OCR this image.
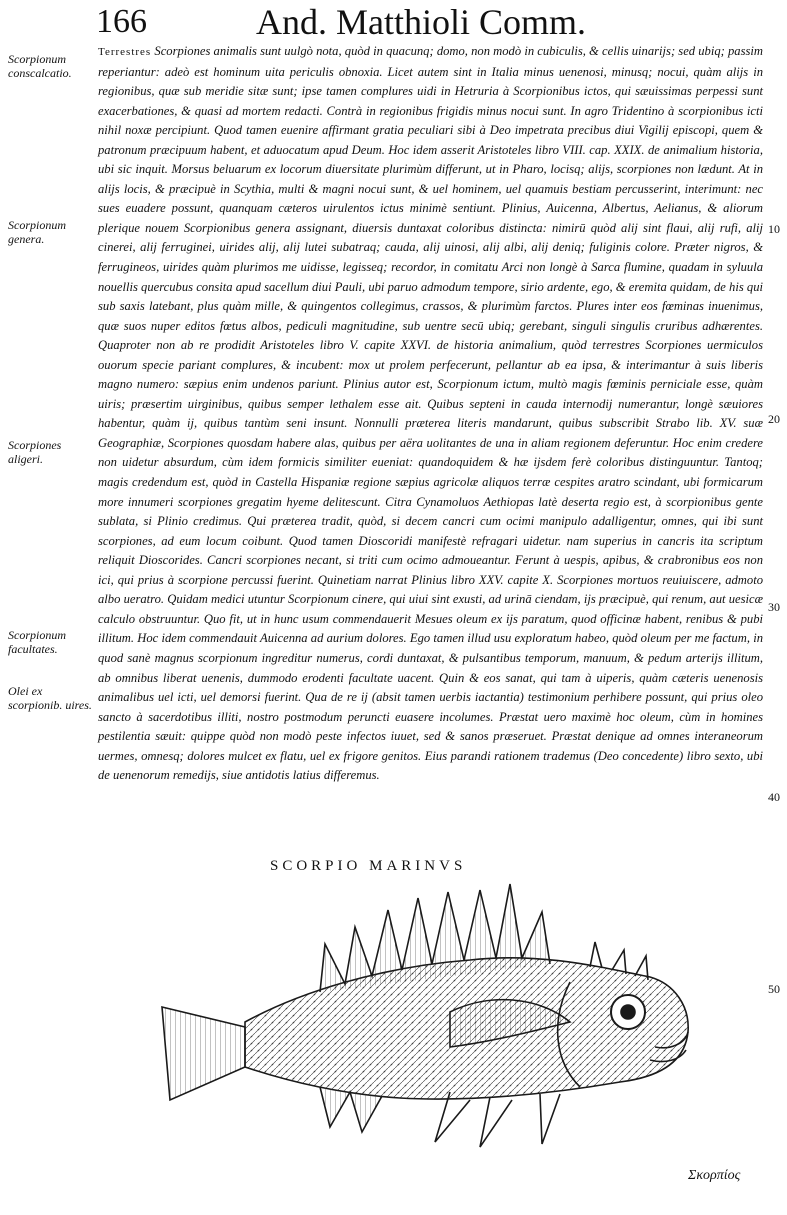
166	And. Matthioli Comm.
Scorpionum conscalcatio.
Scorpionum genera.
Scorpiones aligeri.
Scorpionum facultates.
Olei ex scorpionib. uires.
10
20
30
40
50

Terrestres Scorpiones animalis sunt uulgò nota, quòd in quacunq; domo, non modò in cubiculis, & cellis uinarijs; sed ubiq; passim reperiantur: adeò est hominum uita periculis obnoxia. Licet autem sint in Italia minus uenenosi, minusq; nocui, quàm alijs in regionibus, quæ sub meridie sitæ sunt; ipse tamen complures uidi in Hetruria à Scorpionibus ictos, qui sæuissimas perpessi sunt exacerbationes, & quasi ad mortem redacti. Contrà in regionibus frigidis minus nocui sunt. In agro Tridentino à scorpionibus icti nihil noxæ percipiunt. Quod tamen euenire affirmant gratia peculiari sibi à Deo impetrata precibus diui Vigilij episcopi, quem & patronum præcipuum habent, et aduocatum apud Deum. Hoc idem asserit Aristoteles libro VIII. cap. XXIX. de animalium historia, ubi sic inquit. Morsus beluarum ex locorum diuersitate plurimùm differunt, ut in Pharo, locisq; alijs, scorpiones non lædunt. At in alijs locis, & præcipuè in Scythia, multi & magni nocui sunt, & uel hominem, uel quamuis bestiam percusserint, interimunt: nec sues euadere possunt, quanquam cæteros uirulentos ictus minimè sentiunt. Plinius, Auicenna, Albertus, Aelianus, & aliorum plerique nouem Scorpionibus genera assignant, diuersis duntaxat coloribus distincta: nimirū quòd alij sint flaui, alij rufi, alij cinerei, alij ferruginei, uirides alij, alij lutei subatraq; cauda, alij uinosi, alij albi, alij deniq; fuliginis colore. Præter nigros, & ferrugineos, uirides quàm plurimos me uidisse, legisseq; recordor, in comitatu Arci non longè à Sarca flumine, quadam in syluula nouellis quercubus consita apud sacellum diui Pauli, ubi paruo admodum tempore, sirio ardente, ego, & eremita quidam, de his qui sub saxis latebant, plus quàm mille, & quingentos collegimus, crassos, & plurimùm farctos. Plures inter eos fœminas inuenimus, quæ suos nuper editos fœtus albos, pediculi magnitudine, sub uentre secū ubiq; gerebant, singuli singulis cruribus adhærentes. Quaproter non ab re prodidit Aristoteles libro V. capite XXVI. de historia animalium, quòd terrestres Scorpiones uermiculos ouorum specie pariant complures, & incubent: mox ut prolem perfecerunt, pellantur ab ea ipsa, & interimantur à suis liberis magno numero: sæpius enim undenos pariunt. Plinius autor est, Scorpionum ictum, multò magis fœminis perniciale esse, quàm uiris; præsertim uirginibus, quibus semper lethalem esse ait. Quibus septeni in cauda internodij numerantur, longè sæuiores habentur, quàm ij, quibus tantùm seni insunt. Nonnulli præterea literis mandarunt, quibus subscribit Strabo lib. XV. suæ Geographiæ, Scorpiones quosdam habere alas, quibus per aëra uolitantes de una in aliam regionem deferuntur. Hoc enim credere non uidetur absurdum, cùm idem formicis similiter eueniat: quandoquidem & hæ ijsdem ferè coloribus distinguuntur. Tantoq; magis credendum est, quòd in Castella Hispaniæ regione sæpius agricolæ aliquos terræ cespites aratro scindant, ubi formicarum more innumeri scorpiones gregatim hyeme delitescunt. Citra Cynamoluos Aethiopas latè deserta regio est, à scorpionibus gente sublata, si Plinio credimus. Qui præterea tradit, quòd, si decem cancri cum ocimi manipulo adalligentur, omnes, qui ibi sunt scorpiones, ad eum locum coibunt. Quod tamen Dioscoridi manifestè refragari uidetur. nam superius in cancris ita scriptum reliquit Dioscorides. Cancri scorpiones necant, si triti cum ocimo admoueantur. Ferunt à uespis, apibus, & crabronibus eos non ici, qui prius à scorpione percussi fuerint. Quinetiam narrat Plinius libro XXV. capite X. Scorpiones mortuos reuiuiscere, admoto albo ueratro. Quidam medici utuntur Scorpionum cinere, qui uiui sint exusti, ad urinā ciendam, ijs præcipuè, qui renum, aut uesicæ calculo obstruuntur. Quo fit, ut in hunc usum commendauerit Mesues oleum ex ijs paratum, quod officinæ habent, renibus & pubi illitum. Hoc idem commendauit Auicenna ad aurium dolores. Ego tamen illud usu exploratum habeo, quòd oleum per me factum, in quod sanè magnus scorpionum ingreditur numerus, cordi duntaxat, & pulsantibus temporum, manuum, & pedum arterijs illitum, ab omnibus liberat uenenis, dummodo erodenti facultate uacent. Quin & eos sanat, qui tam à uiperis, quàm cæteris uenenosis animalibus uel icti, uel demorsi fuerint. Qua de re ij (absit tamen uerbis iactantia) testimonium perhibere possunt, qui prius oleo sancto à sacerdotibus illiti, nostro postmodum peruncti euasere incolumes. Præstat uero maximè hoc oleum, cùm in homines pestilentia sæuit: quippe quòd non modò peste infectos iuuet, sed & sanos præseruet. Præstat denique ad omnes interaneorum uermes, omnesq; dolores mulcet ex flatu, uel ex frigore genitos. Eius parandi rationem trademus (Deo concedente) libro sexto, ubi de uenenorum remedijs, siue antidotis latius differemus.

SCORPIO MARINVS
Σκορπίος
